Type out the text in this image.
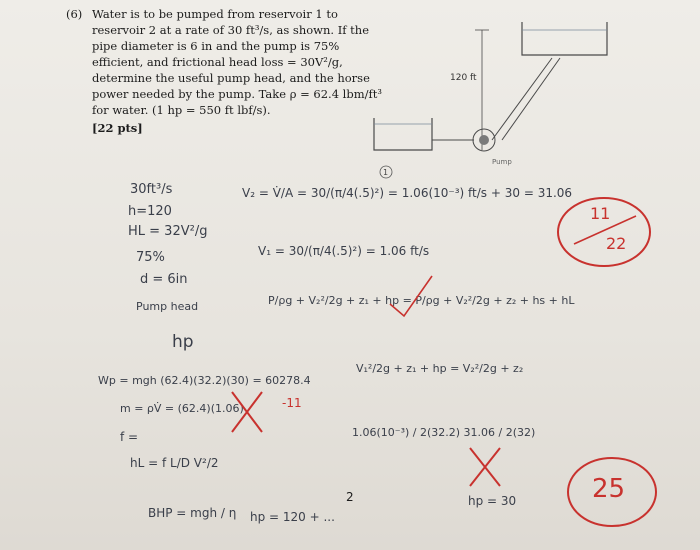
(6) Water is to be pumped from reservoir 1 to reservoir 2 at a rate of 30 ft³/s, as shown. If the pipe diameter is 6 in and the pump is 75% efficient, and frictional head loss = 30V²/g, determine the useful pump head, and the horse power needed by the pump. Take ρ = 62.4 lbm/ft³ for water. (1 hp = 550 ft lbf/s).

[22 pts]

120 ft
Pump
1
30ft³/s
h=120
HL = 32V²/g
75%
d = 6in
Pump head
hp
V₂ = V̇/A = 30/(π/4(.5)²) = 1.06(10⁻³) ft/s + 30 = 31.06
V₁ = 30/(π/4(.5)²) = 1.06 ft/s
P/ρg + V₂²/2g + z₁ + hp = P/ρg + V₂²/2g + z₂ + hs + hL
Wp = mgh (62.4)(32.2)(30) = 60278.4
V₁²/2g + z₁ + hp = V₂²/2g + z₂
m = ρV̇ = (62.4)(1.06)
f =
hL = f L/D V²/2
1.06(10⁻³) / 2(32.2) 31.06 / 2(32)
2
BHP = mgh / η hp = 120 + ...
hp = 30
11
22
25
-11
